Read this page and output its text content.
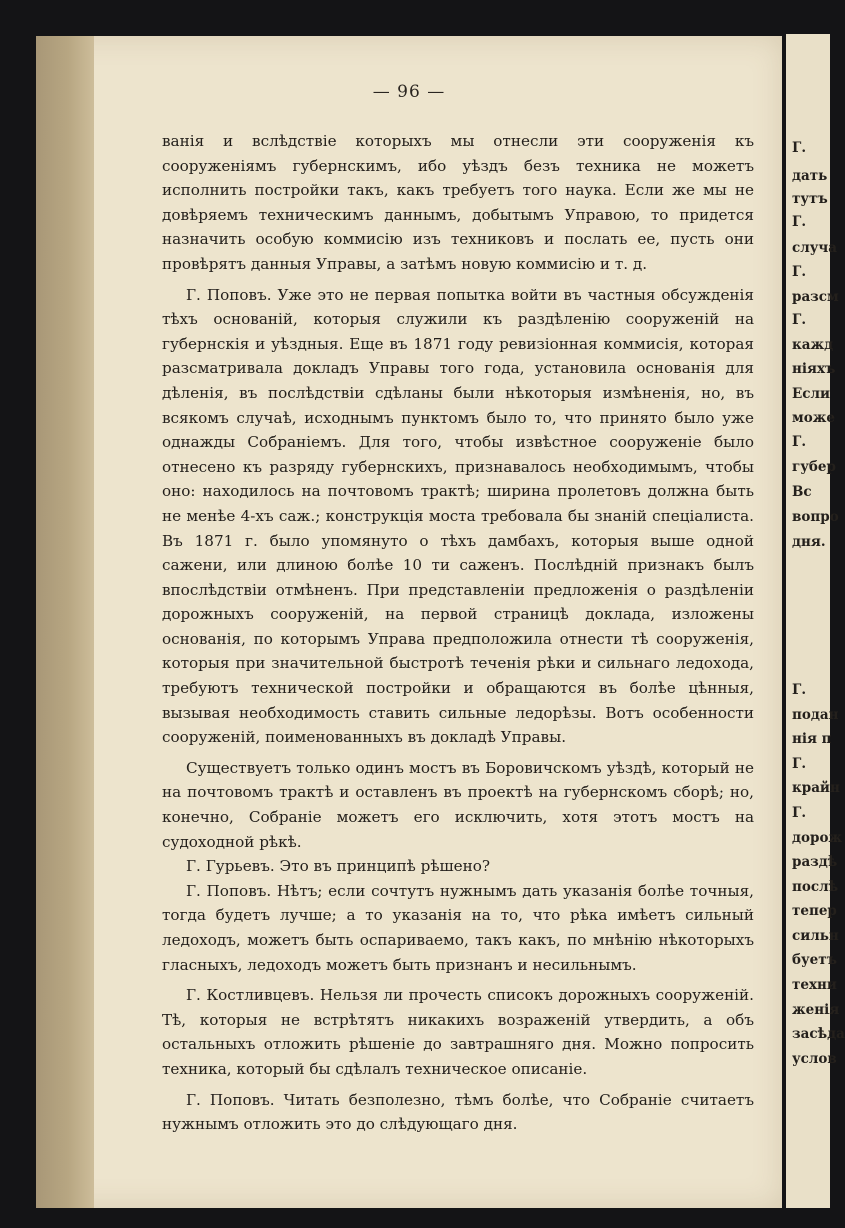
— 96 —

ванія и вслѣдствіе которыхъ мы отнесли эти сооруженія къ сооруженіямъ губернскимъ, ибо уѣздъ безъ техника не можетъ исполнить постройки такъ, какъ требуетъ того наука. Если же мы не довѣряемъ техническимъ даннымъ, добытымъ Управою, то придется назначить особую коммисію изъ техниковъ и послать ее, пусть они провѣрятъ данныя Управы, а затѣмъ новую коммисію и т. д.

Г. Поповъ. Уже это не первая попытка войти въ частныя обсужденія тѣхъ основаній, которыя служили къ раздѣленію сооруженій на губернскія и уѣздныя. Еще въ 1871 году ревизіонная коммисія, которая разсматривала докладъ Управы того года, установила основанія для дѣленія, въ послѣдствіи сдѣланы были нѣкоторыя измѣненія, но, въ всякомъ случаѣ, исходнымъ пунктомъ было то, что принято было уже однажды Собраніемъ. Для того, чтобы извѣстное сооруженіе было отнесено къ разряду губернскихъ, признавалось необходимымъ, чтобы оно: находилось на почтовомъ трактѣ; ширина пролетовъ должна быть не менѣе 4-хъ саж.; конструкція моста требовала бы знаній спеціалиста. Въ 1871 г. было упомянуто о тѣхъ дамбахъ, которыя выше одной сажени, или длиною болѣе 10 ти саженъ. Послѣдній признакъ былъ впослѣдствіи отмѣненъ. При представленіи предложенія о раздѣленіи дорожныхъ сооруженій, на первой страницѣ доклада, изложены основанія, по которымъ Управа предположила отнести тѣ сооруженія, которыя при значительной быстротѣ теченія рѣки и сильнаго ледохода, требуютъ технической постройки и обращаются въ болѣе цѣнныя, вызывая необходимость ставить сильные ледорѣзы. Вотъ особенности сооруженій, поименованныхъ въ докладѣ Управы.

Существуетъ только одинъ мостъ въ Боровичскомъ уѣздѣ, который не на почтовомъ трактѣ и оставленъ въ проектѣ на губернскомъ сборѣ; но, конечно, Собраніе можетъ его исключить, хотя этотъ мостъ на судоходной рѣкѣ.

Г. Гурьевъ. Это въ принципѣ рѣшено?

Г. Поповъ. Нѣтъ; если сочтутъ нужнымъ дать указанія болѣе точныя, тогда будетъ лучше; а то указанія на то, что рѣка имѣетъ сильный ледоходъ, можетъ быть оспариваемо, такъ какъ, по мнѣнію нѣкоторыхъ гласныхъ, ледоходъ можетъ быть признанъ и несильнымъ.

Г. Костливцевъ. Нельзя ли прочесть списокъ дорожныхъ сооруженій. Тѣ, которыя не встрѣтятъ никакихъ возраженій утвердить, а объ остальныхъ отложить рѣшеніе до завтрашняго дня. Можно попросить техника, который бы сдѣлалъ техническое описаніе.

Г. Поповъ. Читать безполезно, тѣмъ болѣе, что Собраніе считаетъ нужнымъ отложить это до слѣдующаго дня.

Г.
дать
тутъ
Г.
случа
Г.
разсм
Г.
кажд
ніяхъ
Если
може
Г.
губер
Вс
вопро
дня.
Г.
подан
нія п
Г.
крайн
Г.
дорож
раздѣ
послѣ
тепер
сильн
буетъ
техни
женія
засѣда
услов
